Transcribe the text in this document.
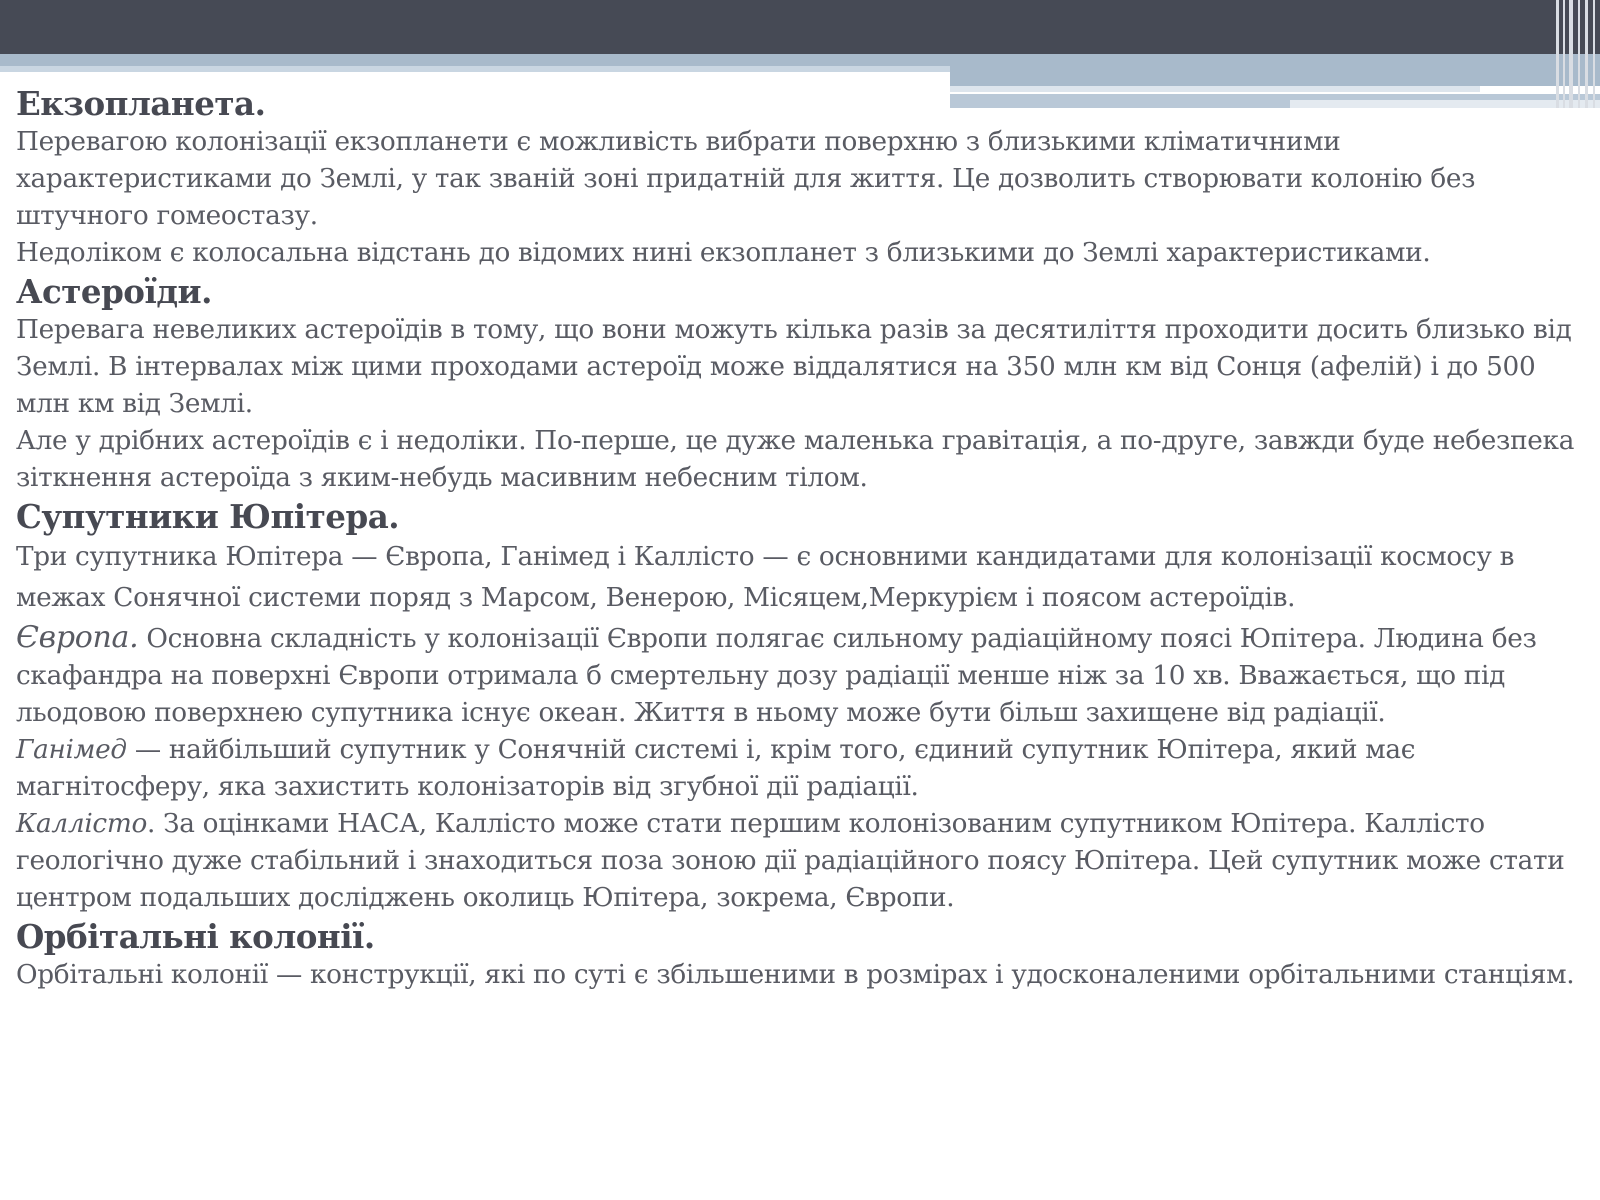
Екзопланета.

Перевагою колонізації екзопланети є можливість вибрати поверхню з близькими кліматичними характеристиками до Землі, у так званій зоні придатній для життя. Це дозволить створювати колонію без штучного гомеостазу.

Недоліком є колосальна відстань до відомих нині екзопланет з близькими до Землі характеристиками.

Астероїди.

Перевага невеликих астероїдів в тому, що вони можуть кілька разів за десятиліття проходити досить близько від Землі. В інтервалах між цими проходами астероїд може віддалятися на 350 млн км від Сонця (афелій) і до 500 млн км від Землі.

Але у дрібних астероїдів є і недоліки. По-перше, це дуже маленька гравітація, а по-друге, завжди буде небезпека зіткнення астероїда з яким-небудь масивним небесним тілом.

Супутники Юпітера.

Три супутника Юпітера — Європа, Ганімед і Каллісто — є основними кандидатами для колонізації космосу в межах Сонячної системи поряд з Марсом, Венерою, Місяцем,Меркурієм і поясом астероїдів.

Європа. Основна складність у колонізації Європи полягає сильному радіаційному поясі Юпітера. Людина без скафандра на поверхні Європи отримала б смертельну дозу радіації менше ніж за 10 хв. Вважається, що під льодовою поверхнею супутника існує океан. Життя в ньому може бути більш захищене від радіації.

Ганімед — найбільший супутник у Сонячній системі і, крім того, єдиний супутник Юпітера, який має магнітосферу, яка захистить колонізаторів від згубної дії радіації.

Каллісто. За оцінками НАСА, Каллісто може стати першим колонізованим супутником Юпітера. Каллісто геологічно дуже стабільний і знаходиться поза зоною дії радіаційного поясу Юпітера. Цей супутник може стати центром подальших досліджень околиць Юпітера, зокрема, Європи.

Орбітальні колонії.

Орбітальні колонії — конструкції, які по суті є збільшеними в розмірах і удосконаленими орбітальними станціям.
